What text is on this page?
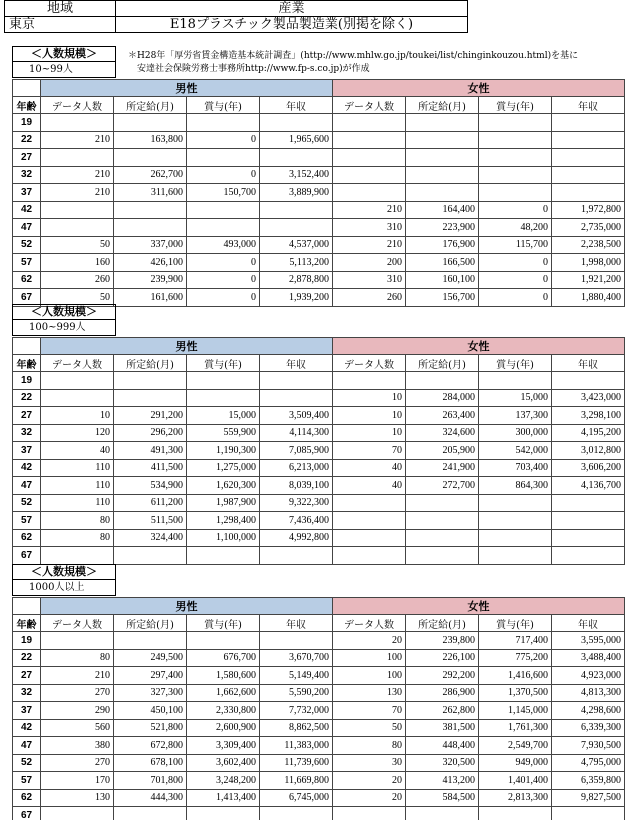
地域	産業
東京	E18プラスチック製品製造業(別掲を除く)
＊H28年「厚労省賃金構造基本統計調査」(http://www.mhlw.go.jp/toukei/list/chinginkouzou.html)を基に
　安達社会保険労務士事務所http://www.fp-s.co.jp)が作成
＜人数規模＞
10~99人
	男性				女性			
年齢	データ人数	所定給(月)	賞与(年)	年収	データ人数	所定給(月)	賞与(年)	年収
19								
22	210	163,800	0	1,965,600				
27								
32	210	262,700	0	3,152,400				
37	210	311,600	150,700	3,889,900				
42					210	164,400	0	1,972,800
47					310	223,900	48,200	2,735,000
52	50	337,000	493,000	4,537,000	210	176,900	115,700	2,238,500
57	160	426,100	0	5,113,200	200	166,500	0	1,998,000
62	260	239,900	0	2,878,800	310	160,100	0	1,921,200
67	50	161,600	0	1,939,200	260	156,700	0	1,880,400
＜人数規模＞
100~999人
	男性				女性			
年齢	データ人数	所定給(月)	賞与(年)	年収	データ人数	所定給(月)	賞与(年)	年収
19								
22					10	284,000	15,000	3,423,000
27	10	291,200	15,000	3,509,400	10	263,400	137,300	3,298,100
32	120	296,200	559,900	4,114,300	10	324,600	300,000	4,195,200
37	40	491,300	1,190,300	7,085,900	70	205,900	542,000	3,012,800
42	110	411,500	1,275,000	6,213,000	40	241,900	703,400	3,606,200
47	110	534,900	1,620,300	8,039,100	40	272,700	864,300	4,136,700
52	110	611,200	1,987,900	9,322,300				
57	80	511,500	1,298,400	7,436,400				
62	80	324,400	1,100,000	4,992,800				
67								
＜人数規模＞
1000人以上
	男性				女性			
年齢	データ人数	所定給(月)	賞与(年)	年収	データ人数	所定給(月)	賞与(年)	年収
19					20	239,800	717,400	3,595,000
22	80	249,500	676,700	3,670,700	100	226,100	775,200	3,488,400
27	210	297,400	1,580,600	5,149,400	100	292,200	1,416,600	4,923,000
32	270	327,300	1,662,600	5,590,200	130	286,900	1,370,500	4,813,300
37	290	450,100	2,330,800	7,732,000	70	262,800	1,145,000	4,298,600
42	560	521,800	2,600,900	8,862,500	50	381,500	1,761,300	6,339,300
47	380	672,800	3,309,400	11,383,000	80	448,400	2,549,700	7,930,500
52	270	678,100	3,602,400	11,739,600	30	320,500	949,000	4,795,000
57	170	701,800	3,248,200	11,669,800	20	413,200	1,401,400	6,359,800
62	130	444,300	1,413,400	6,745,000	20	584,500	2,813,300	9,827,500
67								
